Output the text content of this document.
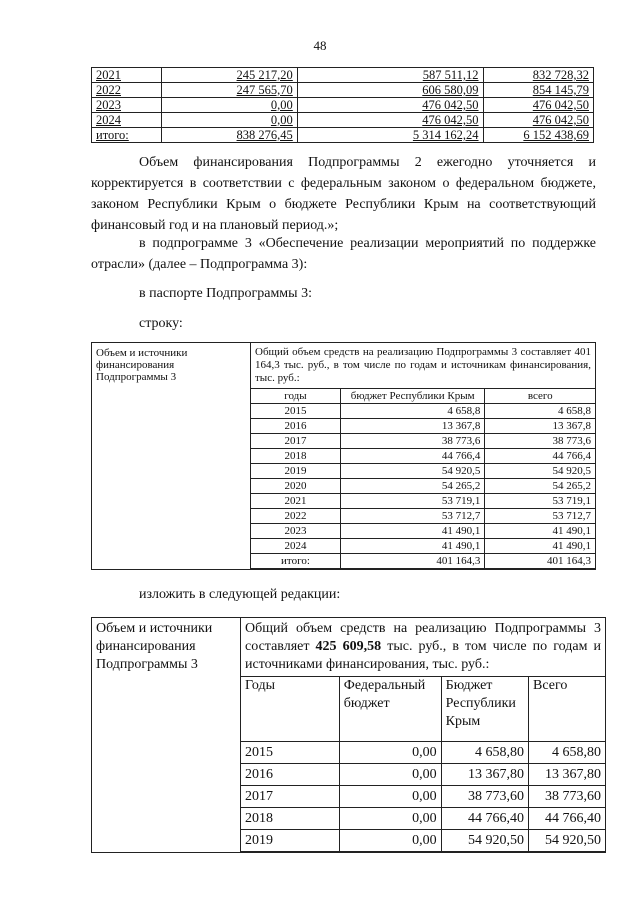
48
2021	245 217,20	587 511,12	832 728,32
2022	247 565,70	606 580,09	854 145,79
2023	0,00	476 042,50	476 042,50
2024	0,00	476 042,50	476 042,50
итого:	838 276,45	5 314 162,24	6 152 438,69
Объем финансирования Подпрограммы 2 ежегодно уточняется и корректируется в соответствии с федеральным законом о федеральном бюджете, законом Республики Крым о бюджете Республики Крым на соответствующий финансовый год и на плановый период.»;
в подпрограмме 3 «Обеспечение реализации мероприятий по поддержке отрасли» (далее – Подпрограмма 3):
в паспорте Подпрограммы 3:
строку:
Объем и источники финансирования Подпрограммы 3	
Общий объем средств на реализацию Подпрограммы 3 составляет 401 164,3 тыс. руб., в том числе по годам и источникам финансирования, тыс. руб.:
годы	бюджет Республики Крым	всего
2015	4 658,8	4 658,8
2016	13 367,8	13 367,8
2017	38 773,6	38 773,6
2018	44 766,4	44 766,4
2019	54 920,5	54 920,5
2020	54 265,2	54 265,2
2021	53 719,1	53 719,1
2022	53 712,7	53 712,7
2023	41 490,1	41 490,1
2024	41 490,1	41 490,1
итого:	401 164,3	401 164,3
изложить в следующей редакции:
Объем и источники финансирования Подпрограммы 3	
Общий объем средств на реализацию Подпрограммы 3 составляет 425 609,58 тыс. руб., в том числе по годам и источниками финансирования, тыс. руб.:
Годы	Федеральный бюджет	Бюджет Республики Крым	Всего
2015	0,00	4 658,80	4 658,80
2016	0,00	13 367,80	13 367,80
2017	0,00	38 773,60	38 773,60
2018	0,00	44 766,40	44 766,40
2019	0,00	54 920,50	54 920,50
